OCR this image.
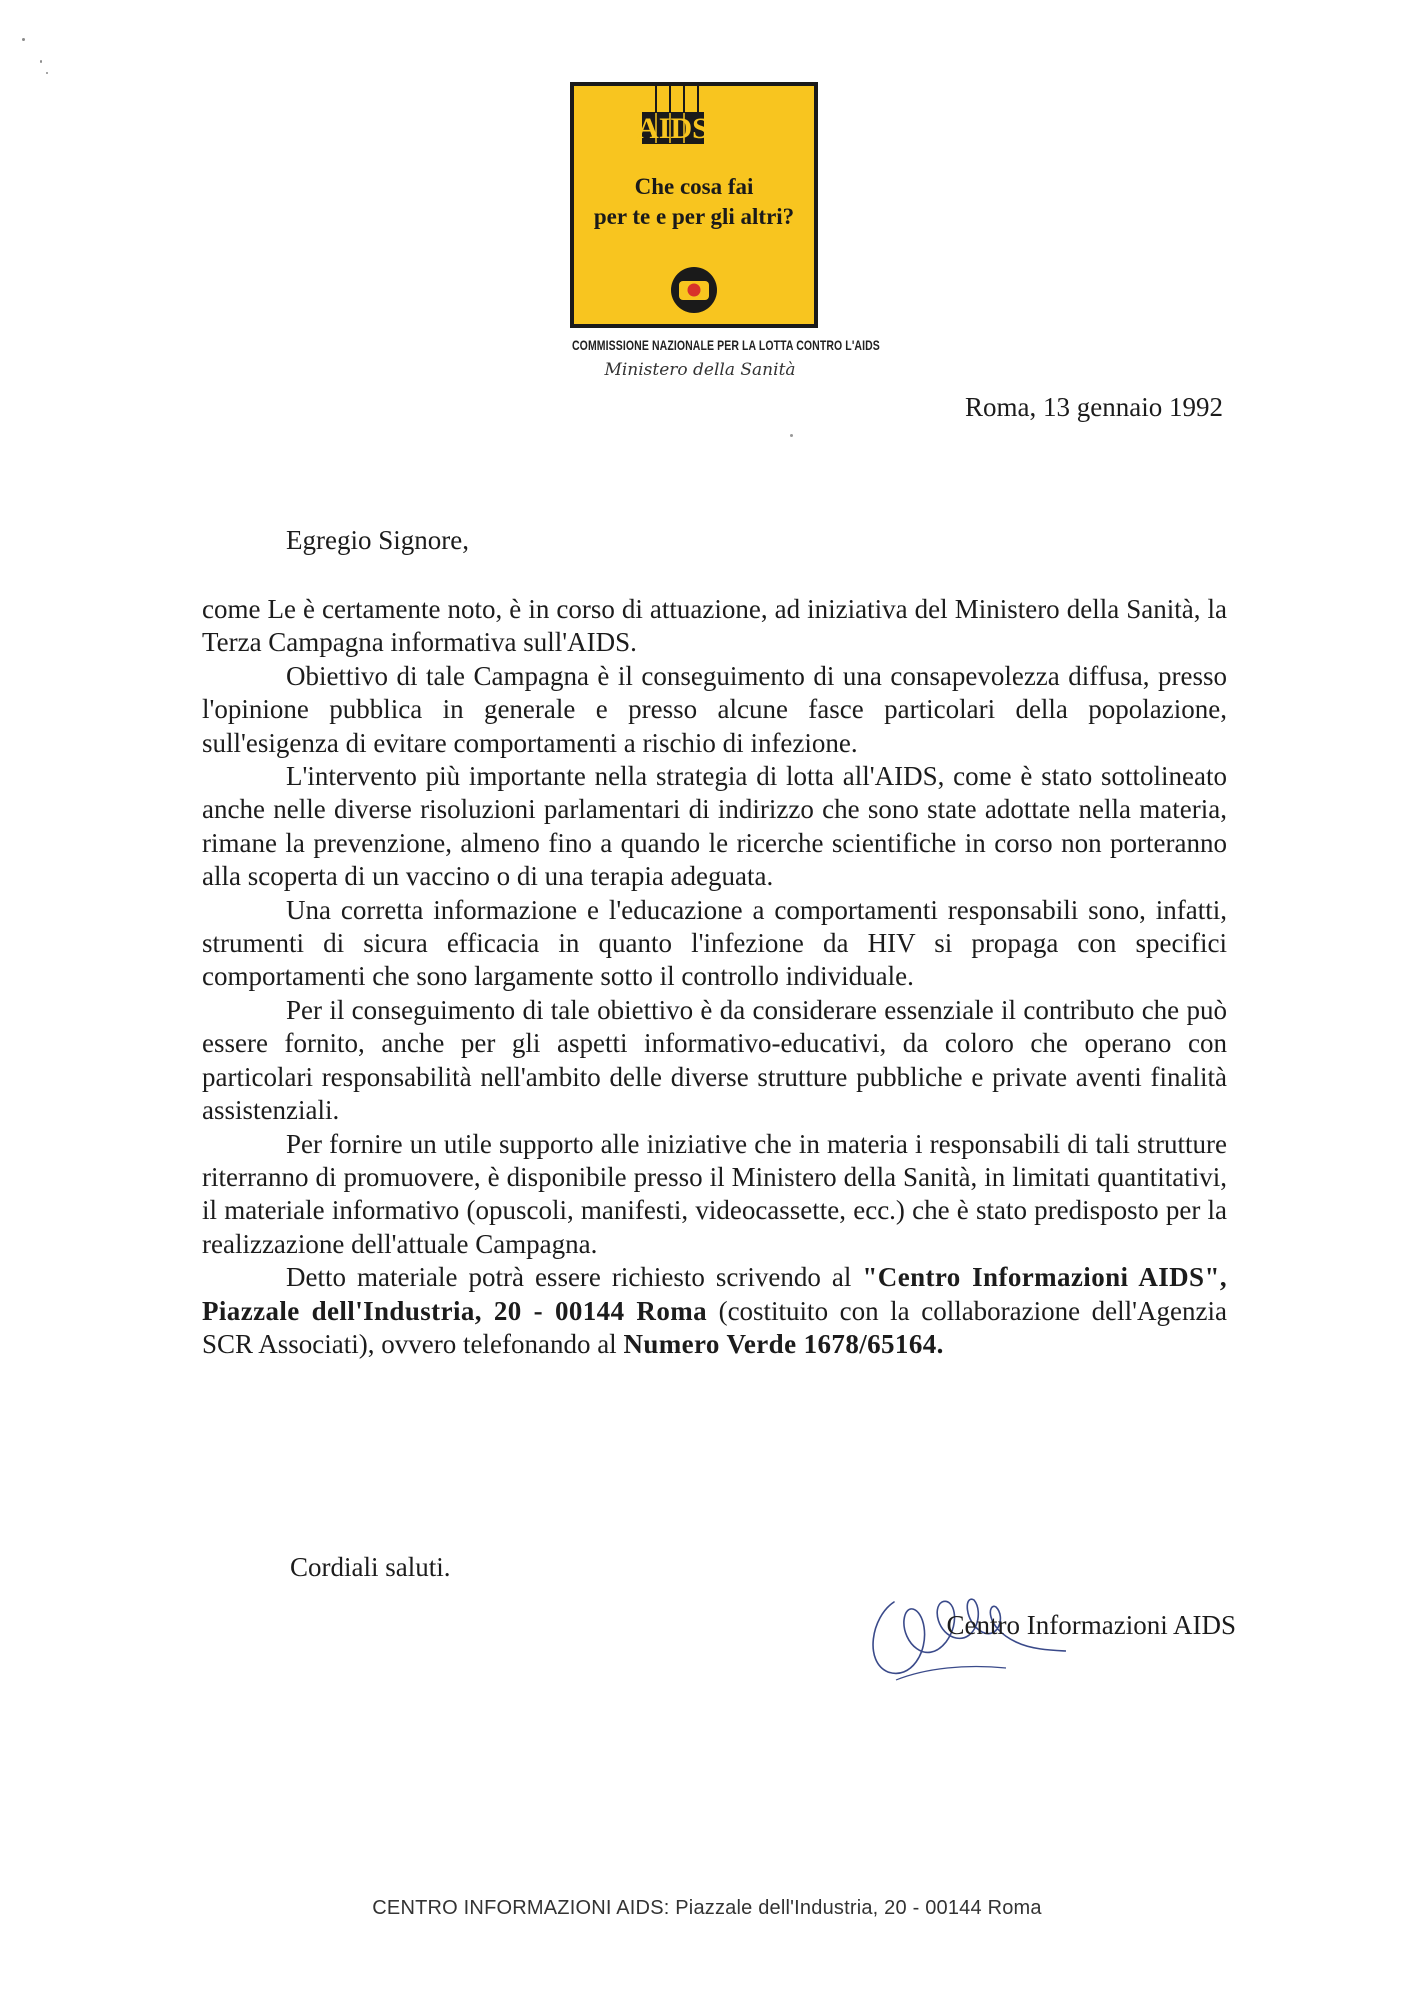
AIDS
Che cosa fai
per te e per gli altri?
COMMISSIONE NAZIONALE PER LA LOTTA CONTRO L'AIDS
Ministero della Sanità
Roma, 13 gennaio 1992
Egregio Signore,

come Le è certamente noto, è in corso di attuazione, ad iniziativa del Ministero della Sanità, la Terza Campagna informativa sull'AIDS.

Obiettivo di tale Campagna è il conseguimento di una consapevolezza diffusa, presso l'opinione pubblica in generale e presso alcune fasce particolari della popolazione, sull'esigenza di evitare comportamenti a rischio di infezione.

L'intervento più importante nella strategia di lotta all'AIDS, come è stato sottolineato anche nelle diverse risoluzioni parlamentari di indirizzo che sono state adottate nella materia, rimane la prevenzione, almeno fino a quando le ricerche scientifiche in corso non porteranno alla scoperta di un vaccino o di una terapia adeguata.

Una corretta informazione e l'educazione a comportamenti responsabili sono, infatti, strumenti di sicura efficacia in quanto l'infezione da HIV si propaga con specifici comportamenti che sono largamente sotto il controllo individuale.

Per il conseguimento di tale obiettivo è da considerare essenziale il contributo che può essere fornito, anche per gli aspetti informativo-educativi, da coloro che operano con particolari responsabilità nell'ambito delle diverse strutture pubbliche e private aventi finalità assistenziali.

Per fornire un utile supporto alle iniziative che in materia i responsabili di tali strutture riterranno di promuovere, è disponibile presso il Ministero della Sanità, in limitati quantitativi, il materiale informativo (opuscoli, manifesti, videocassette, ecc.) che è stato predisposto per la realizzazione dell'attuale Campagna.

Detto materiale potrà essere richiesto scrivendo al "Centro Informazioni AIDS", Piazzale dell'Industria, 20 - 00144 Roma (costituito con la collaborazione dell'Agenzia SCR Associati), ovvero telefonando al Numero Verde 1678/65164.

Cordiali saluti.
Centro Informazioni AIDS
CENTRO INFORMAZIONI AIDS: Piazzale dell'Industria, 20 - 00144 Roma
